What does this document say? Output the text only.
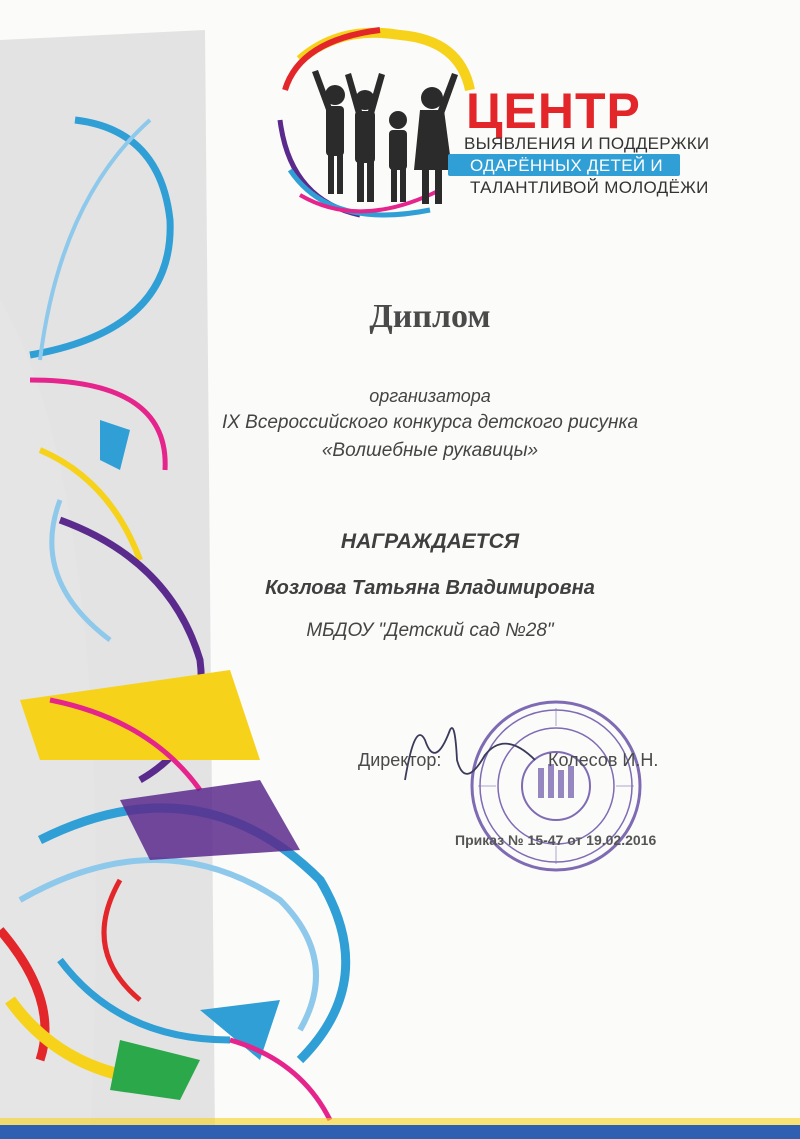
ЦЕНТР
ВЫЯВЛЕНИЯ И ПОДДЕРЖКИ
ОДАРЁННЫХ ДЕТЕЙ И
ТАЛАНТЛИВОЙ МОЛОДЁЖИ
Диплом
организатора
IX Всероссийского конкурса детского рисунка
«Волшебные рукавицы»
НАГРАЖДАЕТСЯ
Козлова Татьяна Владимировна
МБДОУ "Детский сад №28"
Директор:	Колесов И.Н.
Приказ № 15-47 от 19.02.2016
